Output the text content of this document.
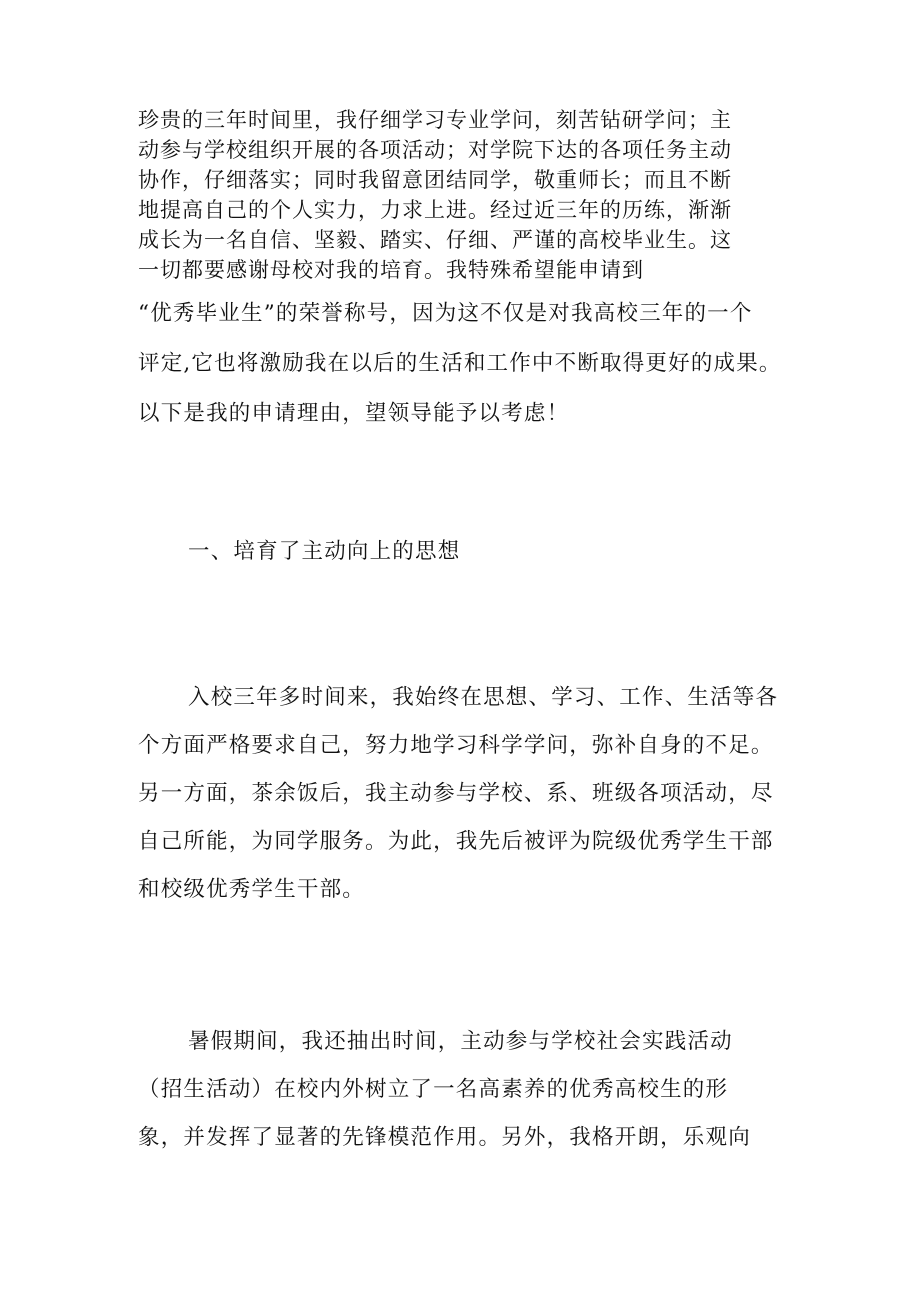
珍贵的三年时间里，我仔细学习专业学问，刻苦钻研学问；主
动参与学校组织开展的各项活动；对学院下达的各项任务主动
协作，仔细落实；同时我留意团结同学，敬重师长；而且不断
地提高自己的个人实力，力求上进。经过近三年的历练，渐渐
成长为一名自信、坚毅、踏实、仔细、严谨的高校毕业生。这
一切都要感谢母校对我的培育。我特殊希望能申请到
“优秀毕业生”的荣誉称号，因为这不仅是对我高校三年的一个
评定,它也将激励我在以后的生活和工作中不断取得更好的成果。
以下是我的申请理由，望领导能予以考虑！
一、培育了主动向上的思想
入校三年多时间来，我始终在思想、学习、工作、生活等各
个方面严格要求自己，努力地学习科学学问，弥补自身的不足。
另一方面，茶余饭后，我主动参与学校、系、班级各项活动，尽
自己所能，为同学服务。为此，我先后被评为院级优秀学生干部
和校级优秀学生干部。
暑假期间，我还抽出时间，主动参与学校社会实践活动
（招生活动）在校内外树立了一名高素养的优秀高校生的形
象，并发挥了显著的先锋模范作用。另外，我格开朗，乐观向
